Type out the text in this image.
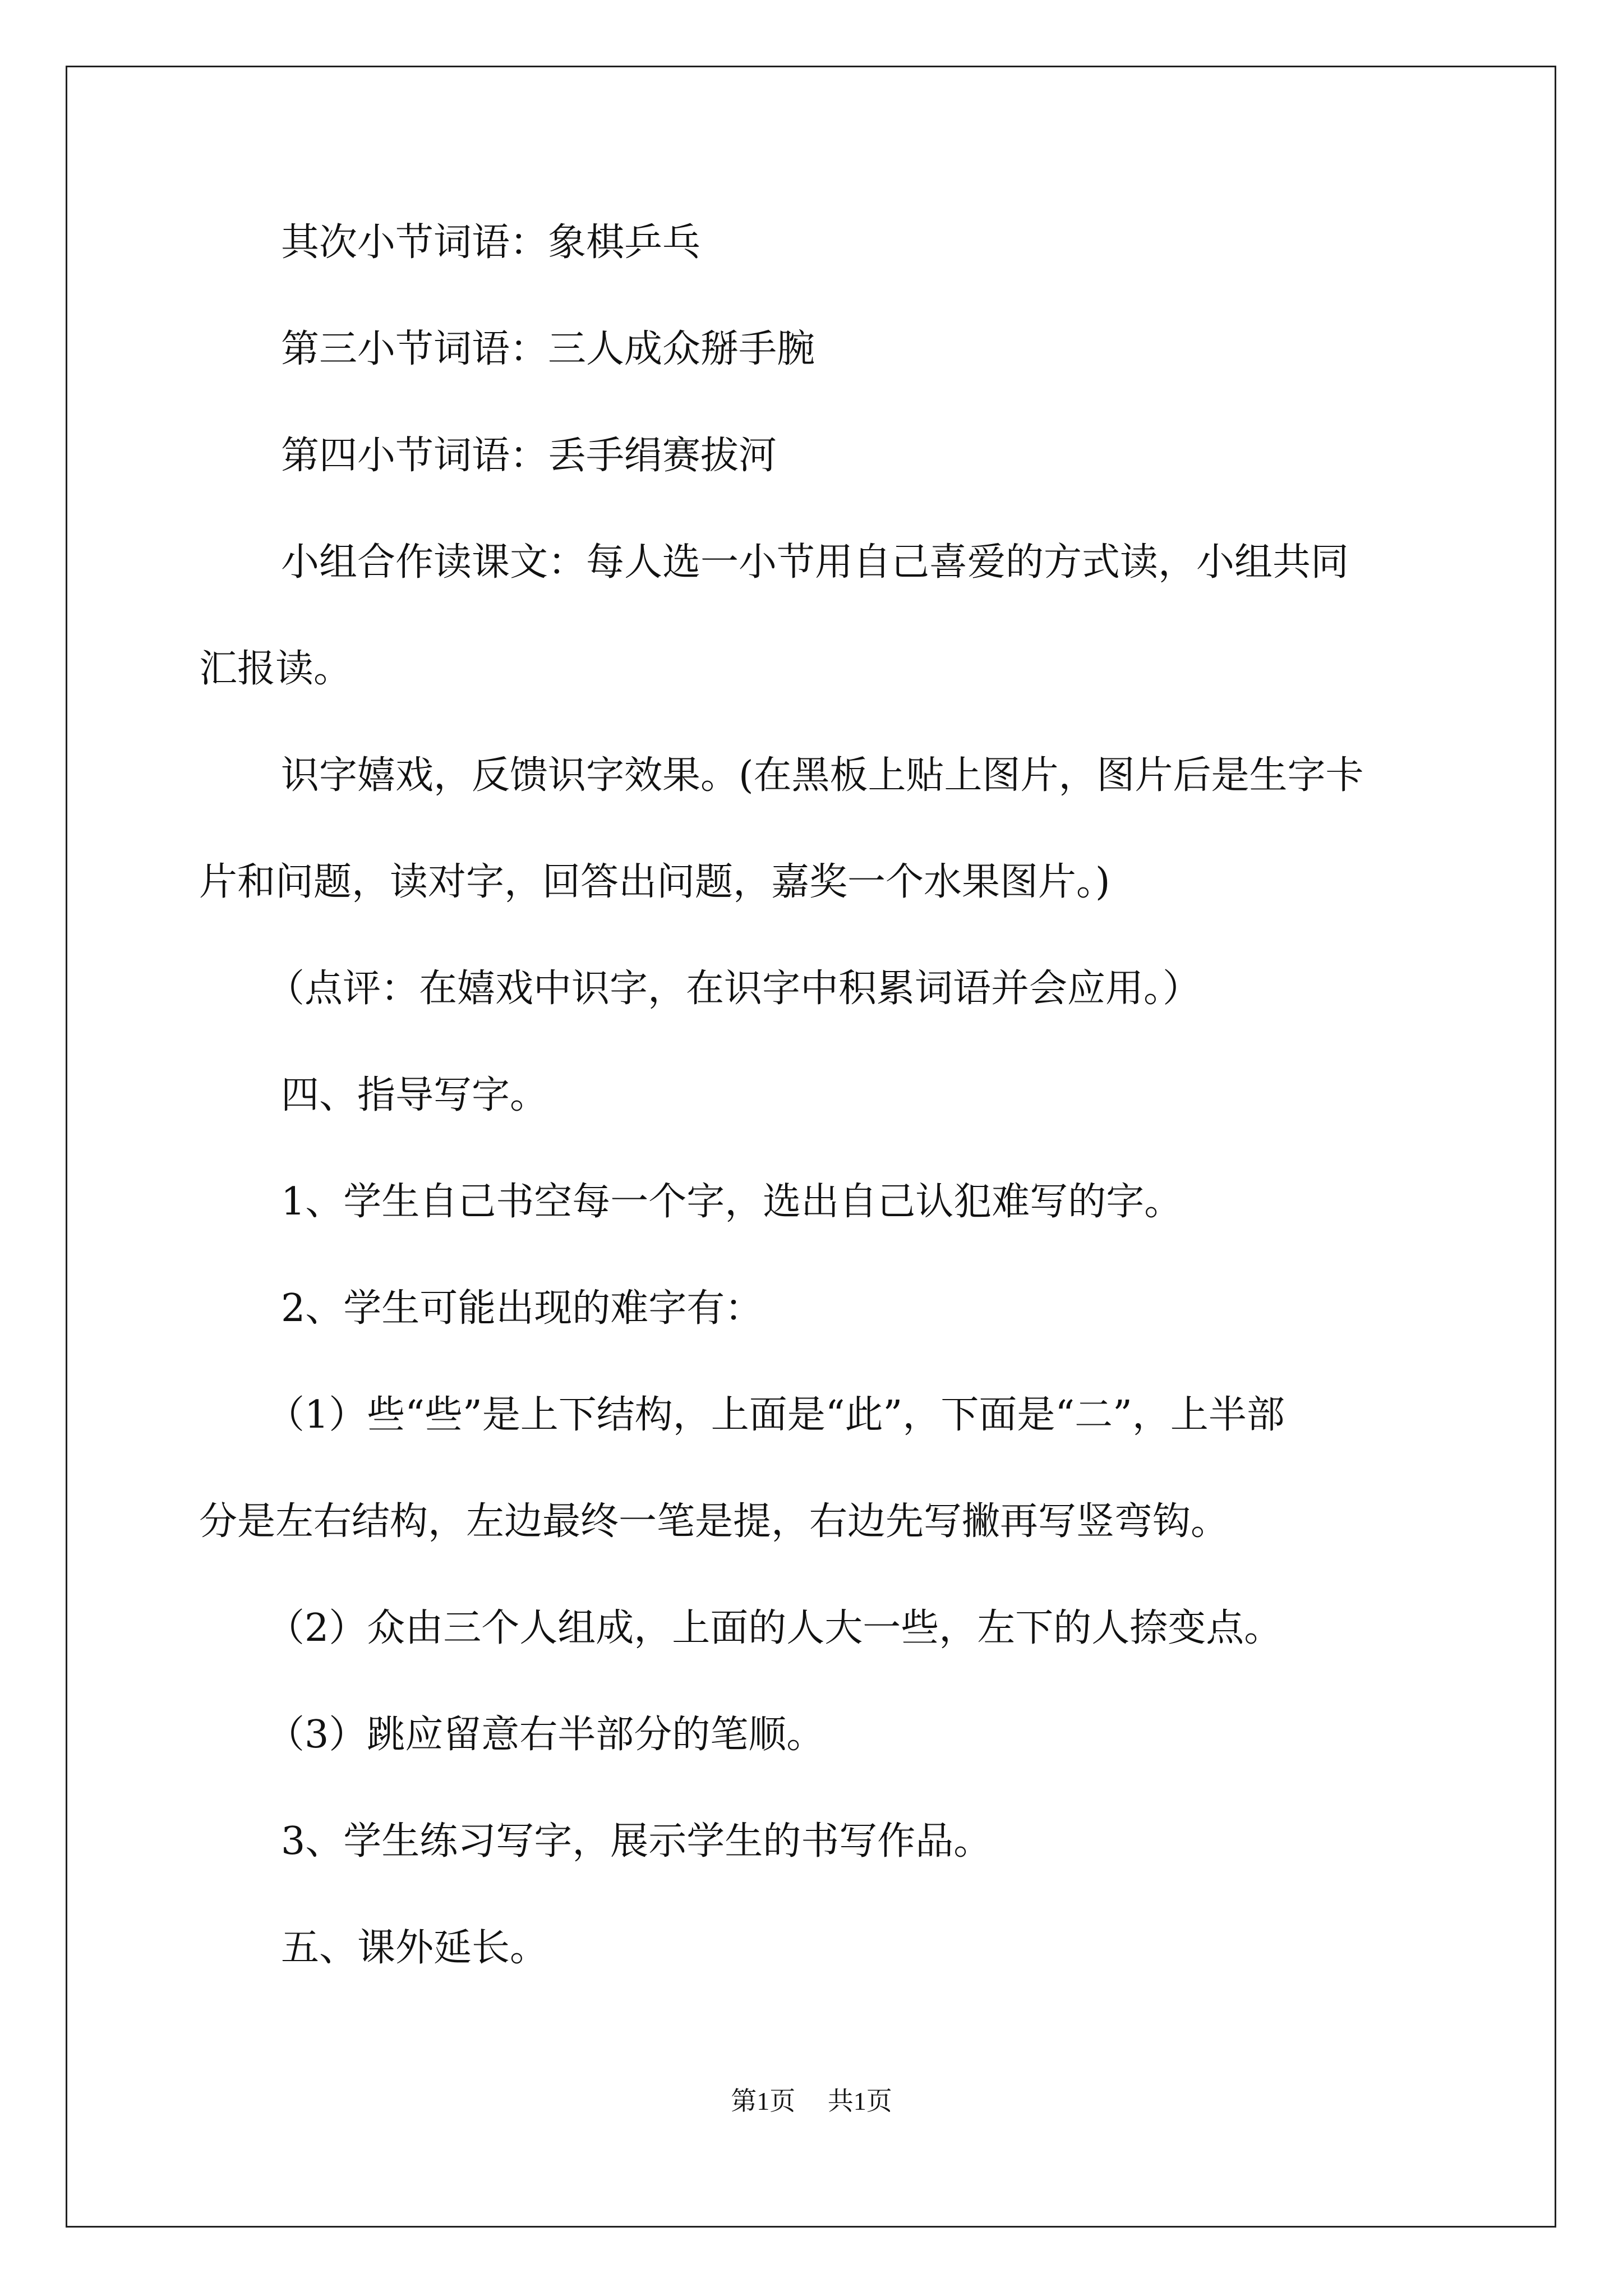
其次小节词语：象棋乒乓

第三小节词语：三人成众掰手腕

第四小节词语：丢手绢赛拔河

小组合作读课文：每人选一小节用自己喜爱的方式读，小组共同

汇报读。

识字嬉戏，反馈识字效果。(在黑板上贴上图片，图片后是生字卡

片和问题，读对字，回答出问题，嘉奖一个水果图片。)

（点评：在嬉戏中识字，在识字中积累词语并会应用。）

四、指导写字。

1、学生自己书空每一个字，选出自己认犯难写的字。

2、学生可能出现的难字有：

（1）些“些”是上下结构，上面是“此”，下面是“二”，上半部

分是左右结构，左边最终一笔是提，右边先写撇再写竖弯钩。

（2）众由三个人组成，上面的人大一些，左下的人捺变点。

（3）跳应留意右半部分的笔顺。

3、学生练习写字，展示学生的书写作品。

五、课外延长。

第1页 共1页
